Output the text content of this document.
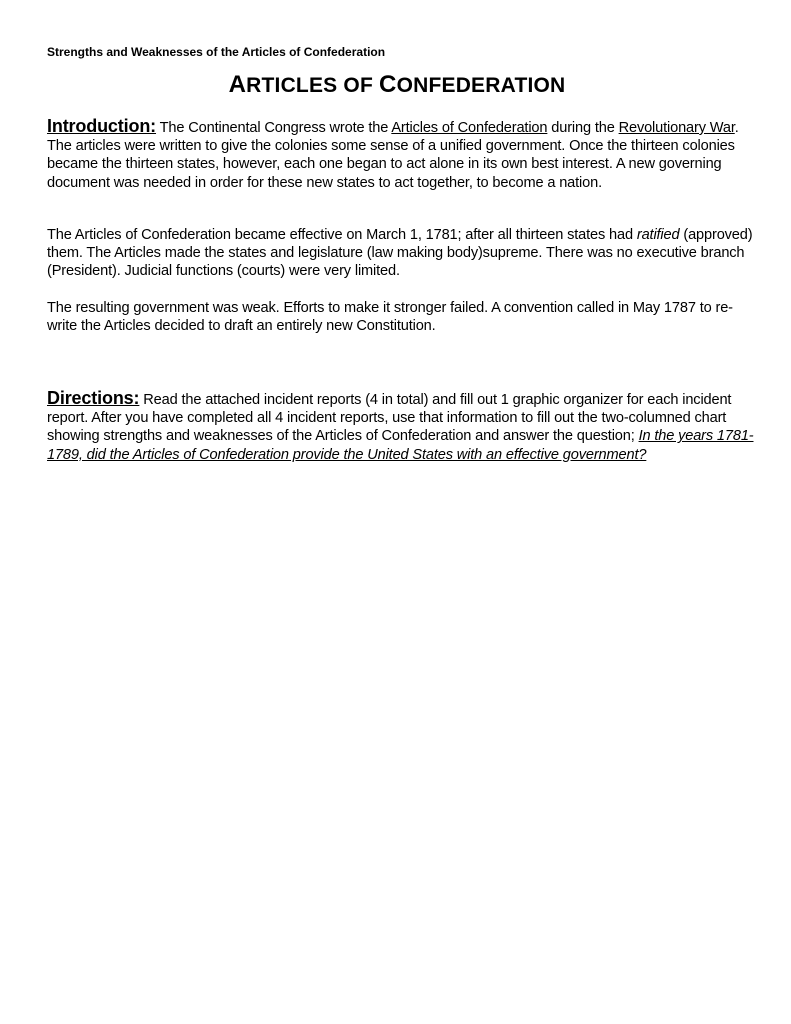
Strengths and Weaknesses of the Articles of Confederation
ARTICLES OF CONFEDERATION
Introduction: The Continental Congress wrote the Articles of Confederation during the Revolutionary War. The articles were written to give the colonies some sense of a unified government. Once the thirteen colonies became the thirteen states, however, each one began to act alone in its own best interest. A new governing document was needed in order for these new states to act together, to become a nation.
The Articles of Confederation became effective on March 1, 1781; after all thirteen states had ratified (approved) them. The Articles made the states and legislature (law making body)supreme. There was no executive branch (President). Judicial functions (courts) were very limited.
The resulting government was weak. Efforts to make it stronger failed. A convention called in May 1787 to re-write the Articles decided to draft an entirely new Constitution.
Directions: Read the attached incident reports (4 in total) and fill out 1 graphic organizer for each incident report. After you have completed all 4 incident reports, use that information to fill out the two-columned chart showing strengths and weaknesses of the Articles of Confederation and answer the question; In the years 1781-1789, did the Articles of Confederation provide the United States with an effective government?
